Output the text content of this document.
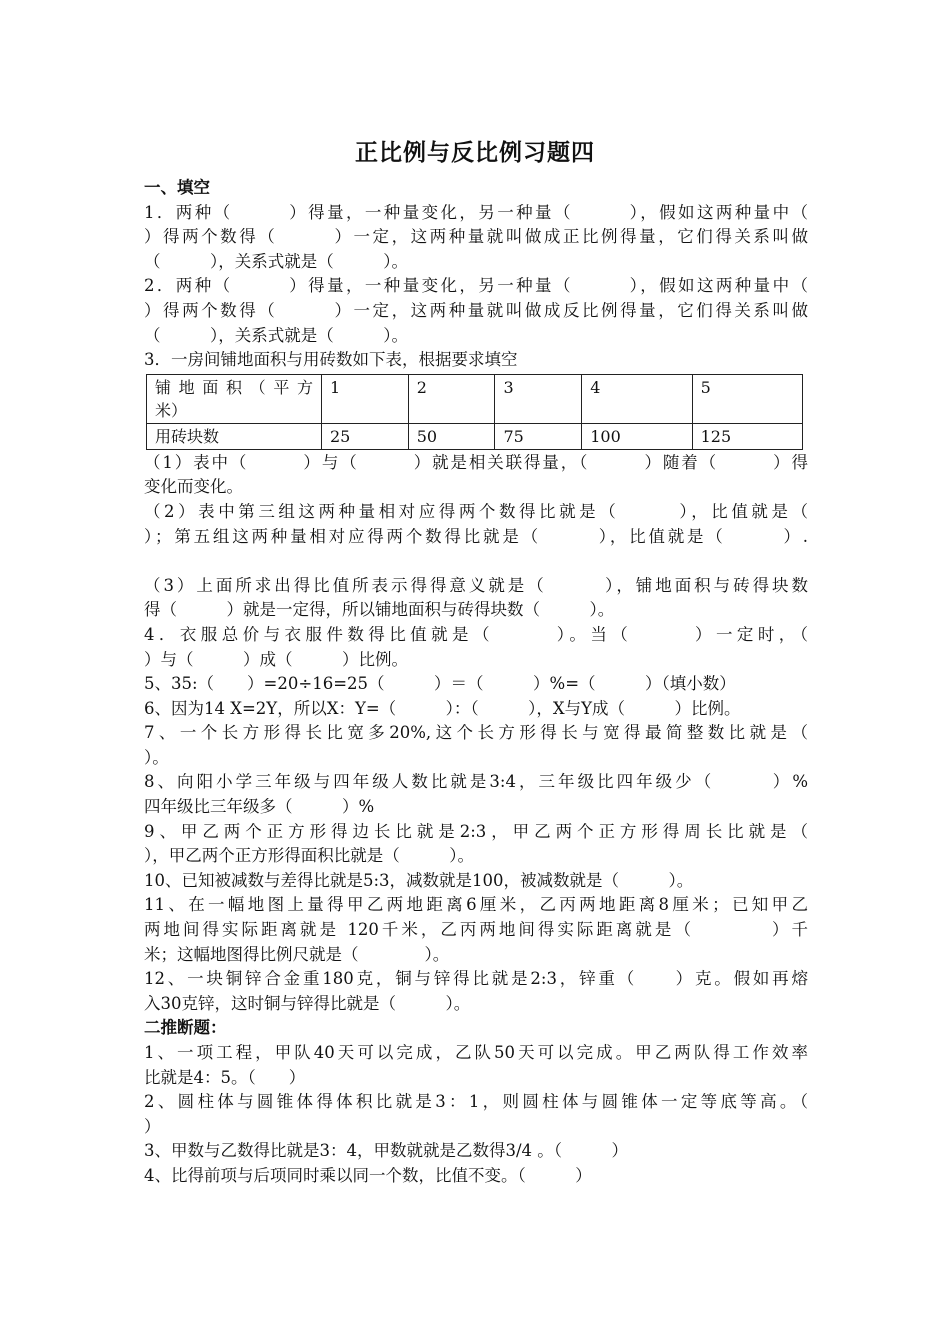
正比例与反比例习题四
一、填空
1．两种（　　　）得量，一种量变化，另一种量（　　　），假如这两种量中（
）得两个数得（　　　）一定，这两种量就叫做成正比例得量，它们得关系叫做
（　　　），关系式就是（　　　）。
2．两种（　　　）得量，一种量变化，另一种量（　　　），假如这两种量中（
）得两个数得（　　　）一定，这两种量就叫做成反比例得量，它们得关系叫做
（　　　），关系式就是（　　　）。
3．一房间铺地面积与用砖数如下表，根据要求填空
铺地面积（平方
米）	1	2	3	4	5
用砖块数	25	50	75	100	125
（1）表中（　　　）与（　　　）就是相关联得量，（　　　）随着（　　　）得
变化而变化。
（2）表中第三组这两种量相对应得两个数得比就是（　　　），比值就是（
）；第五组这两种量相对应得两个数得比就是（　　　），比值就是（　　　）.
（3）上面所求出得比值所表示得得意义就是（　　　），铺地面积与砖得块数
得（　　　）就是一定得，所以铺地面积与砖得块数（　　　）。
4．衣服总价与衣服件数得比值就是（　　　）。当（　　　）一定时，（
）与（　　　）成（　　　）比例。
5、35:（　　）=20÷16=25（　　　）＝（　　　）%=（　　　）（填小数）
6、因为14 X=2Y，所以X：Y=（　　　）：（　　　），X与Y成（　　　）比例。
7、一个长方形得长比宽多20%,这个长方形得长与宽得最简整数比就是（
）。
8、向阳小学三年级与四年级人数比就是3:4，三年级比四年级少（　　　）%
四年级比三年级多（　　　）%
9、甲乙两个正方形得边长比就是2:3，甲乙两个正方形得周长比就是（
），甲乙两个正方形得面积比就是（　　　）。
10、已知被减数与差得比就是5:3，减数就是100，被减数就是（　　　）。
11、在一幅地图上量得甲乙两地距离6厘米，乙丙两地距离8厘米；已知甲乙
两地间得实际距离就是 120千米，乙丙两地间得实际距离就是（　　　　）千
米；这幅地图得比例尺就是（　　　　）。
12、一块铜锌合金重180克，铜与锌得比就是2:3，锌重（　　）克。假如再熔
入30克锌，这时铜与锌得比就是（　　　）。
二推断题：
1、一项工程，甲队40天可以完成，乙队50天可以完成。甲乙两队得工作效率
比就是4：5。（　　）
2、圆柱体与圆锥体得体积比就是3：1，则圆柱体与圆锥体一定等底等高。（
）
3、甲数与乙数得比就是3：4，甲数就就是乙数得3/4 。（　　　）
4、比得前项与后项同时乘以同一个数，比值不变。（　　　）
